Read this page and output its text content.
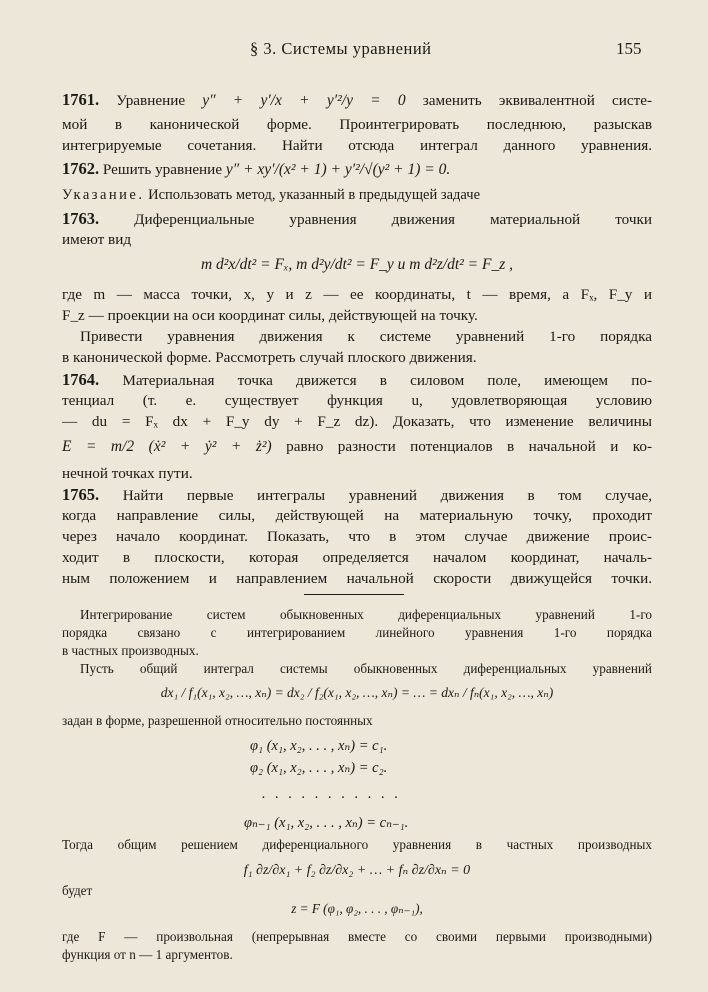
§ 3. Системы уравнений	155
1761. Уравнение y″ + y′/x + y′²/y = 0 заменить эквивалентной систе-
мой в канонической форме. Проинтегрировать последнюю, разыскав
интегрируемые сочетания. Найти отсюда интеграл данного уравнения.
1762. Решить уравнение y″ + xy′/(x² + 1) + y′²/√(y² + 1) = 0.
Указание. Использовать метод, указанный в предыдущей задаче
1763. Диференциальные уравнения движения материальной точки
имеют вид
m d²x/dt² = Fₓ, m d²y/dt² = F_y и m d²z/dt² = F_z ,
где m — масса точки, x, y и z — ее координаты, t — время, а Fₓ, F_y и
F_z — проекции на оси координат силы, действующей на точку.
Привести уравнения движения к системе уравнений 1-го порядка
в канонической форме. Рассмотреть случай плоского движения.
1764. Материальная точка движется в силовом поле, имеющем по-
тенциал (т. е. существует функция u, удовлетворяющая условию
— du = Fₓ dx + F_y dy + F_z dz). Доказать, что изменение величины
E = m/2 (ẋ² + ẏ² + ż²) равно разности потенциалов в начальной и ко-
нечной точках пути.
1765. Найти первые интегралы уравнений движения в том случае,
когда направление силы, действующей на материальную точку, проходит
через начало координат. Показать, что в этом случае движение проис-
ходит в плоскости, которая определяется началом координат, началь-
ным положением и направлением начальной скорости движущейся точки.
Интегрирование систем обыкновенных диференциальных уравнений 1-го
порядка связано с интегрированием линейного уравнения 1-го порядка
в частных производных.
Пусть общий интеграл системы обыкновенных диференциальных уравнений
dx₁ / f₁(x₁, x₂, …, xₙ) = dx₂ / f₂(x₁, x₂, …, xₙ) = … = dxₙ / fₙ(x₁, x₂, …, xₙ)
задан в форме, разрешенной относительно постоянных
φ₁ (x₁, x₂, . . . , xₙ) = c₁.
φ₂ (x₁, x₂, . . . , xₙ) = c₂.
. . . . . . . . . . .
φₙ₋₁ (x₁, x₂, . . . , xₙ) = cₙ₋₁.
Тогда общим решением диференциального уравнения в частных производных
f₁ ∂z/∂x₁ + f₂ ∂z/∂x₂ + … + fₙ ∂z/∂xₙ = 0
будет
z = F (φ₁, φ₂, . . . , φₙ₋₁),
где F — произвольная (непрерывная вместе со своими первыми производными)
функция от n — 1 аргументов.
